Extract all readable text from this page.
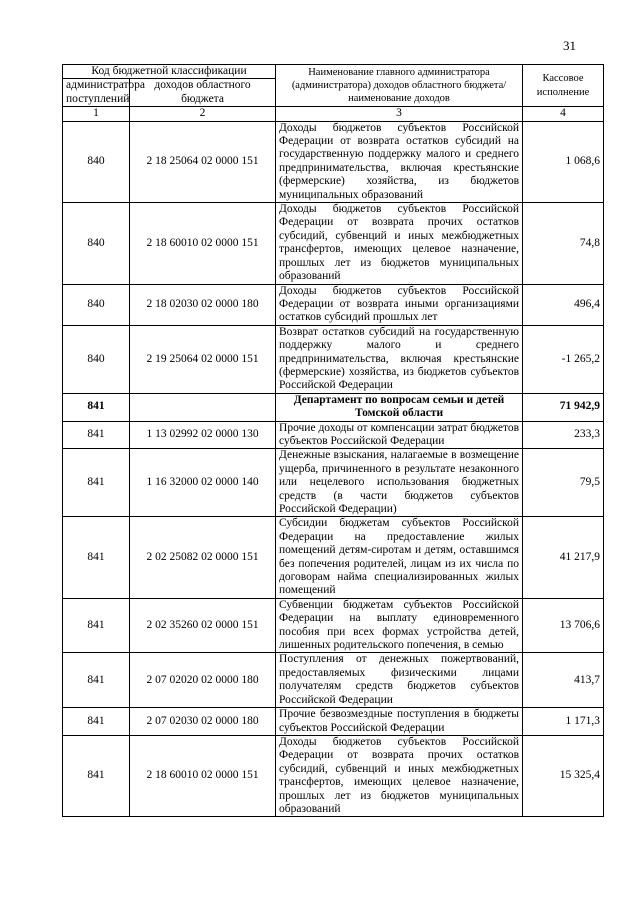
31
Код бюджетной классификации		Наименование главного администратора (администратора) доходов областного бюджета/ наименование доходов	Кассовое исполнение
администратора поступлений	доходов областного бюджета		
1	2	3	4
840	2 18 25064 02 0000 151	Доходы бюджетов субъектов Российской Федерации от возврата остатков субсидий на государственную поддержку малого и среднего предпринимательства, включая крестьянские (фермерские) хозяйства, из бюджетов муниципальных образований	1 068,6
840	2 18 60010 02 0000 151	Доходы бюджетов субъектов Российской Федерации от возврата прочих остатков субсидий, субвенций и иных межбюджетных трансфертов, имеющих целевое назначение, прошлых лет из бюджетов муниципальных образований	74,8
840	2 18 02030 02 0000 180	Доходы бюджетов субъектов Российской Федерации от возврата иными организациями остатков субсидий прошлых лет	496,4
840	2 19 25064 02 0000 151	Возврат остатков субсидий на государственную поддержку малого и среднего предпринимательства, включая крестьянские (фермерские) хозяйства, из бюджетов субъектов Российской Федерации	-1 265,2
841		Департамент по вопросам семьи и детей Томской области	71 942,9
841	1 13 02992 02 0000 130	Прочие доходы от компенсации затрат бюджетов субъектов Российской Федерации	233,3
841	1 16 32000 02 0000 140	Денежные взыскания, налагаемые в возмещение ущерба, причиненного в результате незаконного или нецелевого использования бюджетных средств (в части бюджетов субъектов Российской Федерации)	79,5
841	2 02 25082 02 0000 151	Субсидии бюджетам субъектов Российской Федерации на предоставление жилых помещений детям-сиротам и детям, оставшимся без попечения родителей, лицам из их числа по договорам найма специализированных жилых помещений	41 217,9
841	2 02 35260 02 0000 151	Субвенции бюджетам субъектов Российской Федерации на выплату единовременного пособия при всех формах устройства детей, лишенных родительского попечения, в семью	13 706,6
841	2 07 02020 02 0000 180	Поступления от денежных пожертвований, предоставляемых физическими лицами получателям средств бюджетов субъектов Российской Федерации	413,7
841	2 07 02030 02 0000 180	Прочие безвозмездные поступления в бюджеты субъектов Российской Федерации	1 171,3
841	2 18 60010 02 0000 151	Доходы бюджетов субъектов Российской Федерации от возврата прочих остатков субсидий, субвенций и иных межбюджетных трансфертов, имеющих целевое назначение, прошлых лет из бюджетов муниципальных образований	15 325,4
